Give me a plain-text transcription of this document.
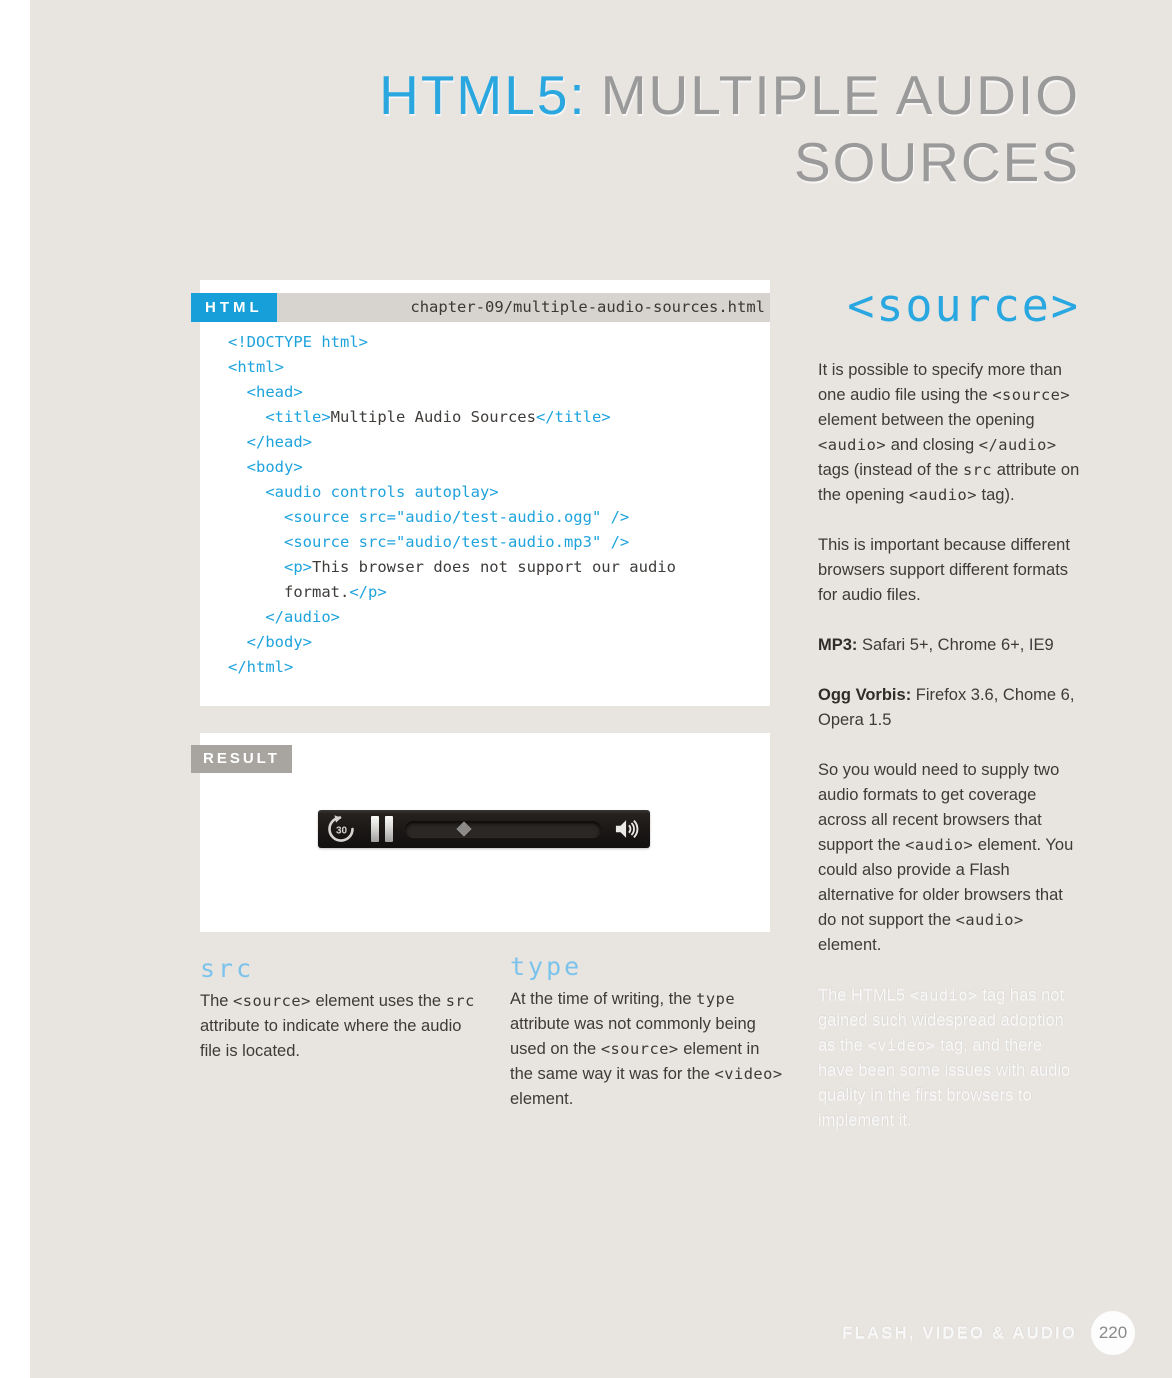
HTML5: MULTIPLE AUDIO
SOURCES
HTML	chapter-09/multiple-audio-sources.html
<!DOCTYPE html>
<html>
<head>
<title>Multiple Audio Sources</title>
</head>
<body>
<audio controls autoplay>
<source src="audio/test-audio.ogg" />
<source src="audio/test-audio.mp3" />
<p>This browser does not support our audio
format.</p>
</audio>
</body>
</html>
RESULT
30
src

The <source> element uses the src attribute to indicate where the audio file is located.

type

At the time of writing, the type attribute was not commonly being used on the <source> element in the same way it was for the <video> element.

<source>

It is possible to specify more than one audio file using the <source> element between the opening <audio> and closing </audio> tags (instead of the src attribute on the opening <audio> tag).

This is important because different browsers support different formats for audio files.

MP3: Safari 5+, Chrome 6+, IE9

Ogg Vorbis: Firefox 3.6, Chome 6, Opera 1.5

So you would need to supply two audio formats to get coverage across all recent browsers that support the <audio> element. You could also provide a Flash alternative for older browsers that do not support the <audio> element.

The HTML5 <audio> tag has not gained such widespread adoption as the <video> tag, and there have been some issues with audio quality in the first browsers to implement it.

FLASH, VIDEO & AUDIO 220
